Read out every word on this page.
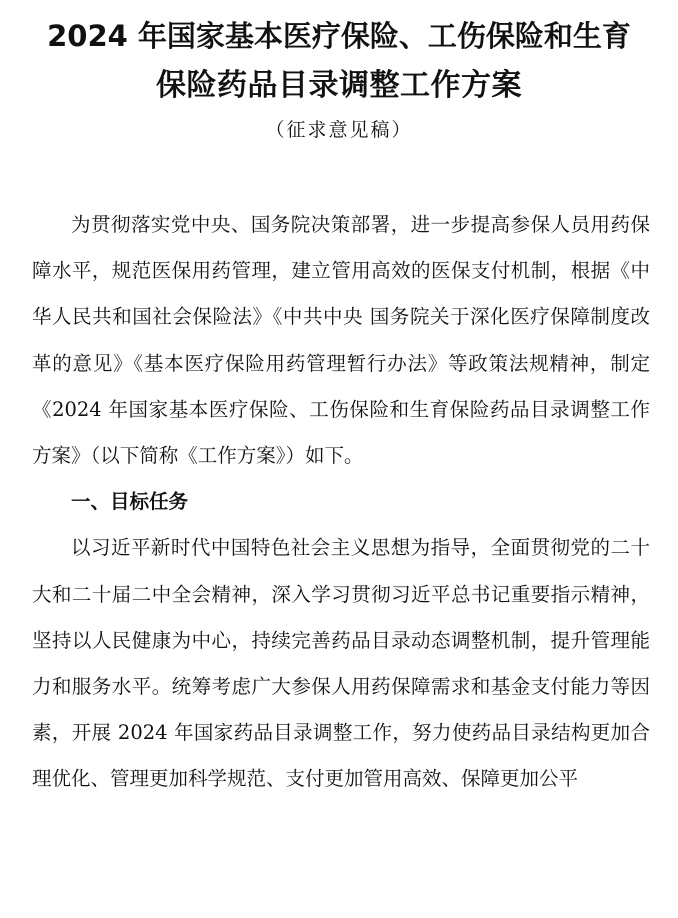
2024 年国家基本医疗保险、工伤保险和生育
保险药品目录调整工作方案

（征求意见稿）

为贯彻落实党中央、国务院决策部署，进一步提高参保人员用药保障水平，规范医保用药管理，建立管用高效的医保支付机制，根据《中华人民共和国社会保险法》《中共中央 国务院关于深化医疗保障制度改革的意见》《基本医疗保险用药管理暂行办法》等政策法规精神，制定《2024 年国家基本医疗保险、工伤保险和生育保险药品目录调整工作方案》（以下简称《工作方案》）如下。

一、目标任务

以习近平新时代中国特色社会主义思想为指导，全面贯彻党的二十大和二十届二中全会精神，深入学习贯彻习近平总书记重要指示精神，坚持以人民健康为中心，持续完善药品目录动态调整机制，提升管理能力和服务水平。统筹考虑广大参保人用药保障需求和基金支付能力等因素，开展 2024 年国家药品目录调整工作，努力使药品目录结构更加合理优化、管理更加科学规范、支付更加管用高效、保障更加公平
